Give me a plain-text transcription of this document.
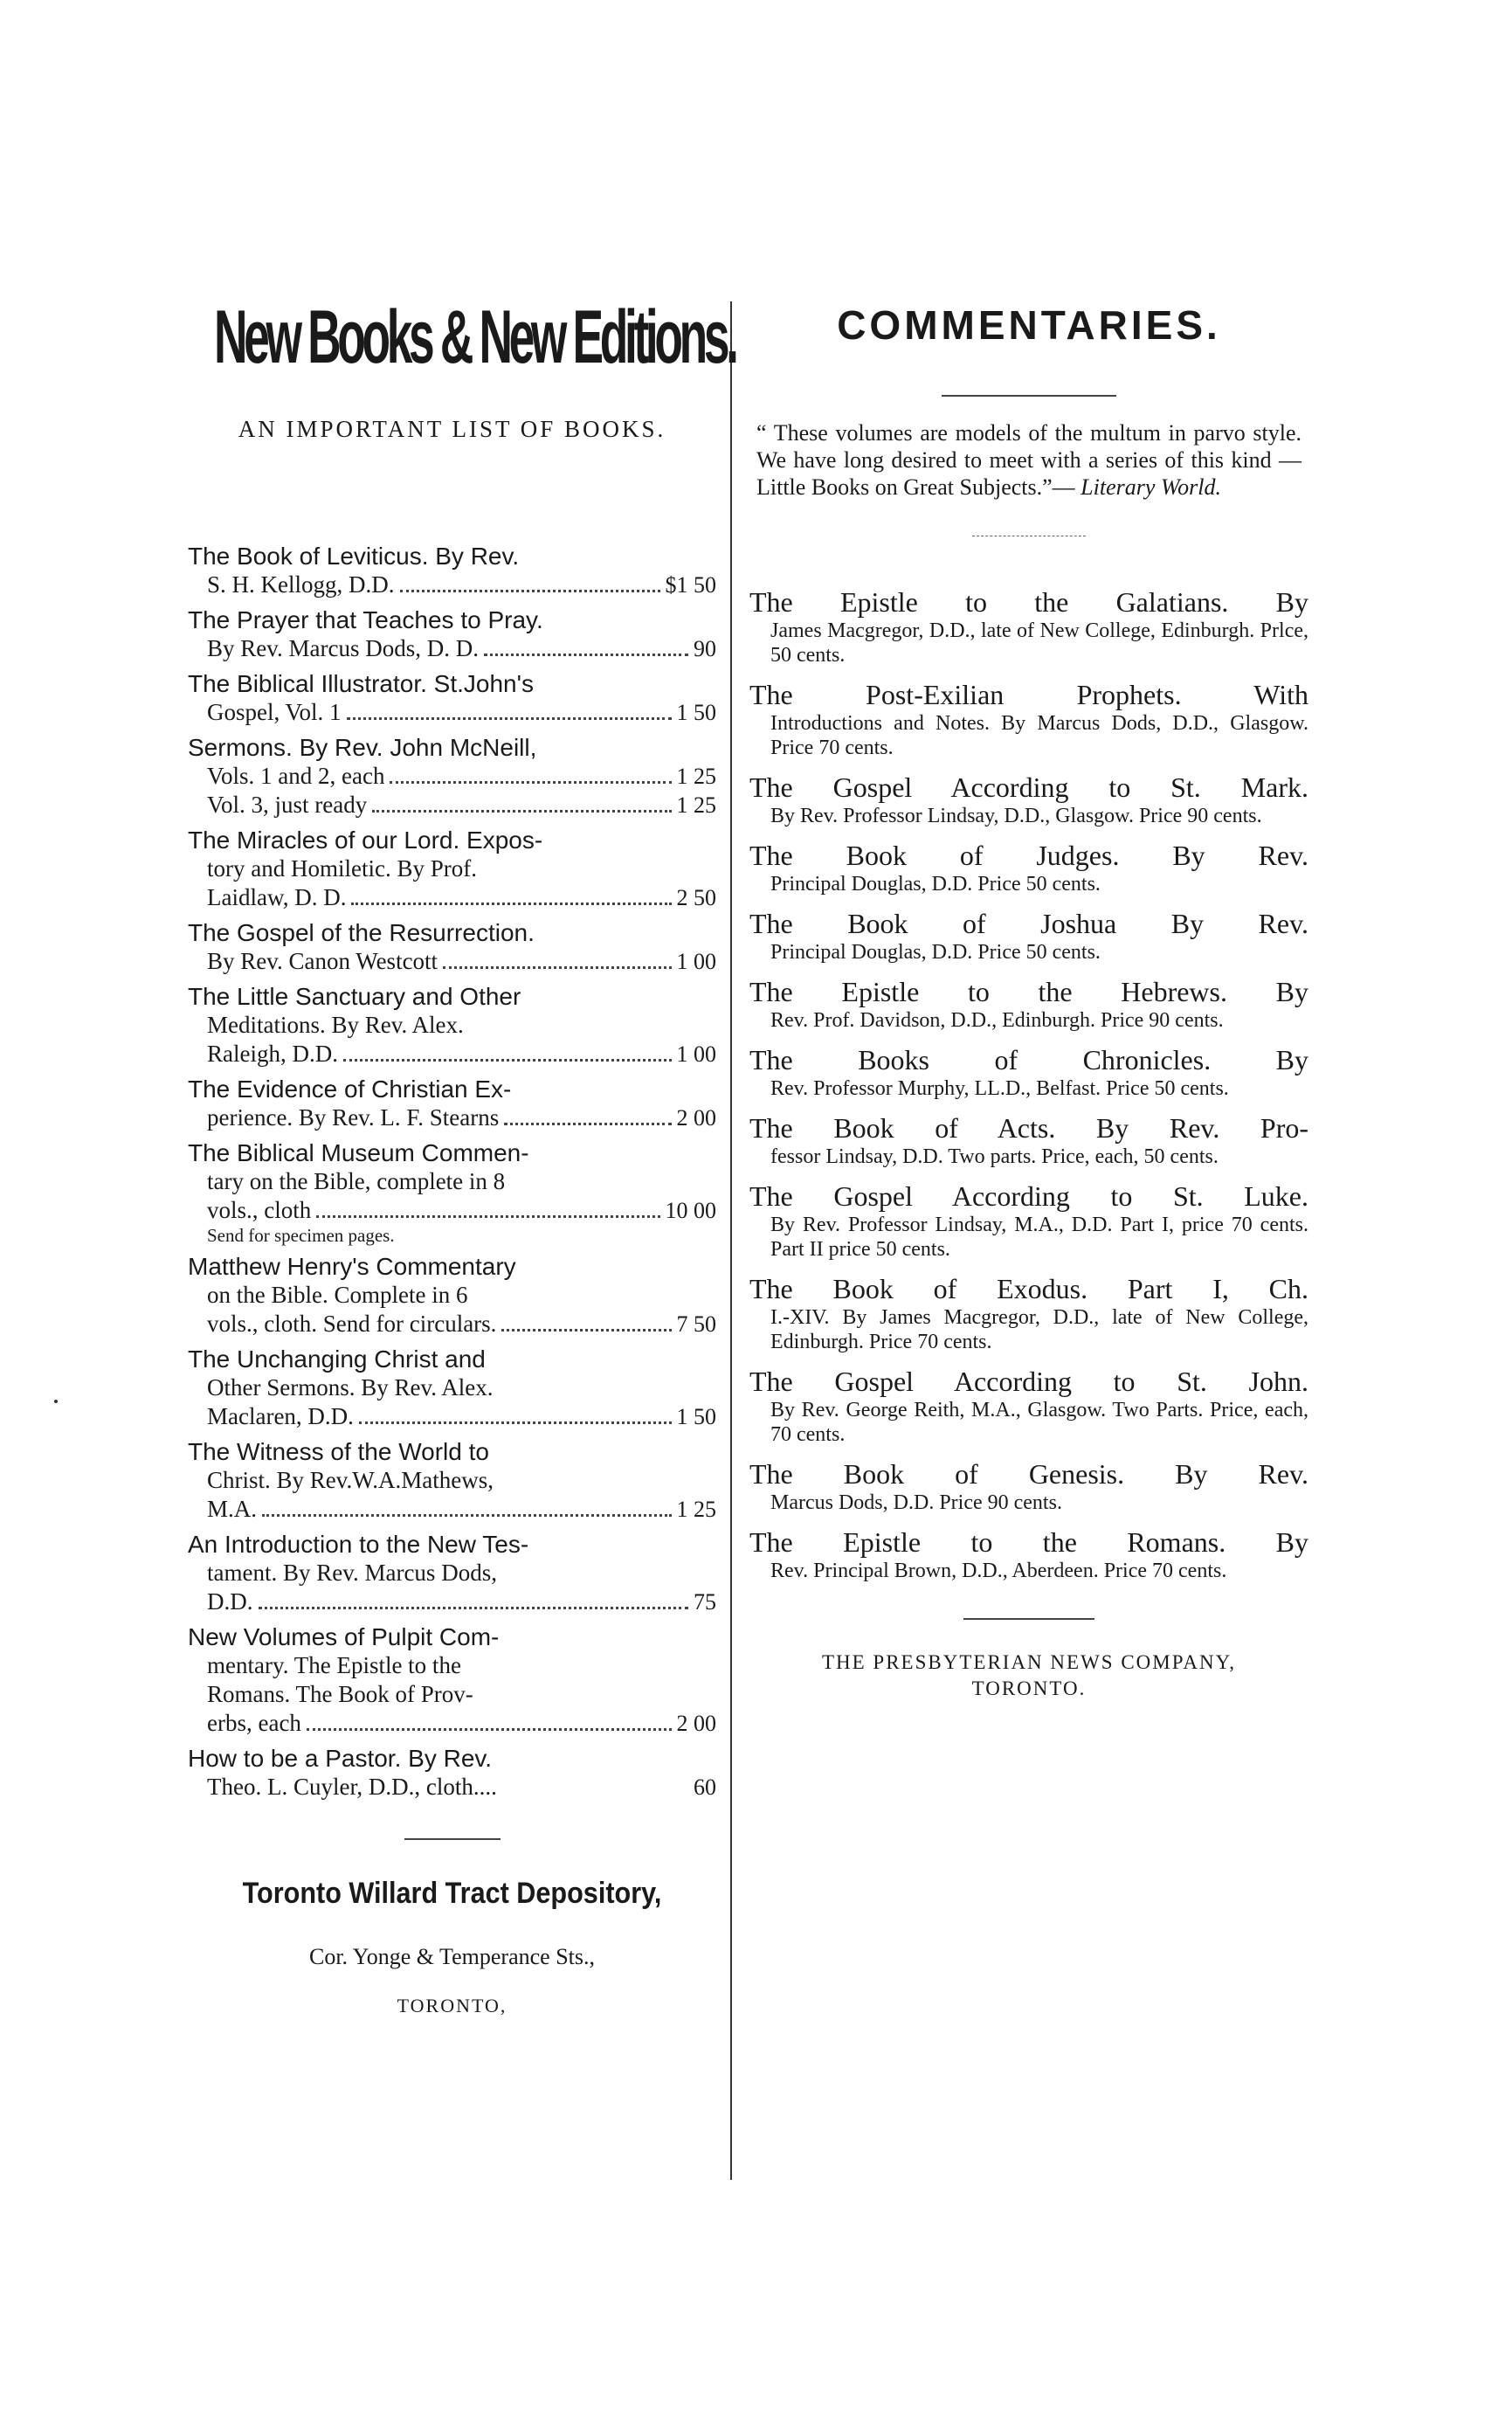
New Books & New Editions.
AN IMPORTANT LIST OF BOOKS.
The Book of Leviticus. By Rev.
S. H. Kellogg, D.D.	$1 50
The Prayer that Teaches to Pray.
By Rev. Marcus Dods, D. D.	90
The Biblical Illustrator. St.John's
Gospel, Vol. 1	1 50
Sermons. By Rev. John McNeill,
Vols. 1 and 2, each	1 25
Vol. 3, just ready	1 25
The Miracles of our Lord. Expos-
tory and Homiletic. By Prof.
Laidlaw, D. D.	2 50
The Gospel of the Resurrection.
By Rev. Canon Westcott	1 00
The Little Sanctuary and Other
Meditations. By Rev. Alex.
Raleigh, D.D.	1 00
The Evidence of Christian Ex-
perience. By Rev. L. F. Stearns	2 00
The Biblical Museum Commen-
tary on the Bible, complete in 8
vols., cloth	10 00
Send for specimen pages.
Matthew Henry's Commentary
on the Bible. Complete in 6
vols., cloth. Send for circulars.	7 50
The Unchanging Christ and
Other Sermons. By Rev. Alex.
Maclaren, D.D.	1 50
The Witness of the World to
Christ. By Rev.W.A.Mathews,
M.A.	1 25
An Introduction to the New Tes-
tament. By Rev. Marcus Dods,
D.D.	75
New Volumes of Pulpit Com-
mentary. The Epistle to the
Romans. The Book of Prov-
erbs, each	2 00
How to be a Pastor. By Rev.
Theo. L. Cuyler, D.D., cloth....	60
Toronto Willard Tract Depository,
Cor. Yonge & Temperance Sts.,
TORONTO,
COMMENTARIES.
“ These volumes are models of the multum in parvo style. We have long desired to meet with a series of this kind —Little Books on Great Subjects.”— Literary World.
The Epistle to the Galatians. By
James Macgregor, D.D., late of New College, Edinburgh. Prlce, 50 cents.
The Post-Exilian Prophets. With
Introductions and Notes. By Marcus Dods, D.D., Glasgow. Price 70 cents.
The Gospel According to St. Mark.
By Rev. Professor Lindsay, D.D., Glasgow. Price 90 cents.
The Book of Judges. By Rev.
Principal Douglas, D.D. Price 50 cents.
The Book of Joshua By Rev.
Principal Douglas, D.D. Price 50 cents.
The Epistle to the Hebrews. By
Rev. Prof. Davidson, D.D., Edinburgh. Price 90 cents.
The Books of Chronicles. By
Rev. Professor Murphy, LL.D., Belfast. Price 50 cents.
The Book of Acts. By Rev. Pro-
fessor Lindsay, D.D. Two parts. Price, each, 50 cents.
The Gospel According to St. Luke.
By Rev. Professor Lindsay, M.A., D.D. Part I, price 70 cents. Part II price 50 cents.
The Book of Exodus. Part I, Ch.
I.-XIV. By James Macgregor, D.D., late of New College, Edinburgh. Price 70 cents.
The Gospel According to St. John.
By Rev. George Reith, M.A., Glasgow. Two Parts. Price, each, 70 cents.
The Book of Genesis. By Rev.
Marcus Dods, D.D. Price 90 cents.
The Epistle to the Romans. By
Rev. Principal Brown, D.D., Aberdeen. Price 70 cents.
THE PRESBYTERIAN NEWS COMPANY,
TORONTO.
